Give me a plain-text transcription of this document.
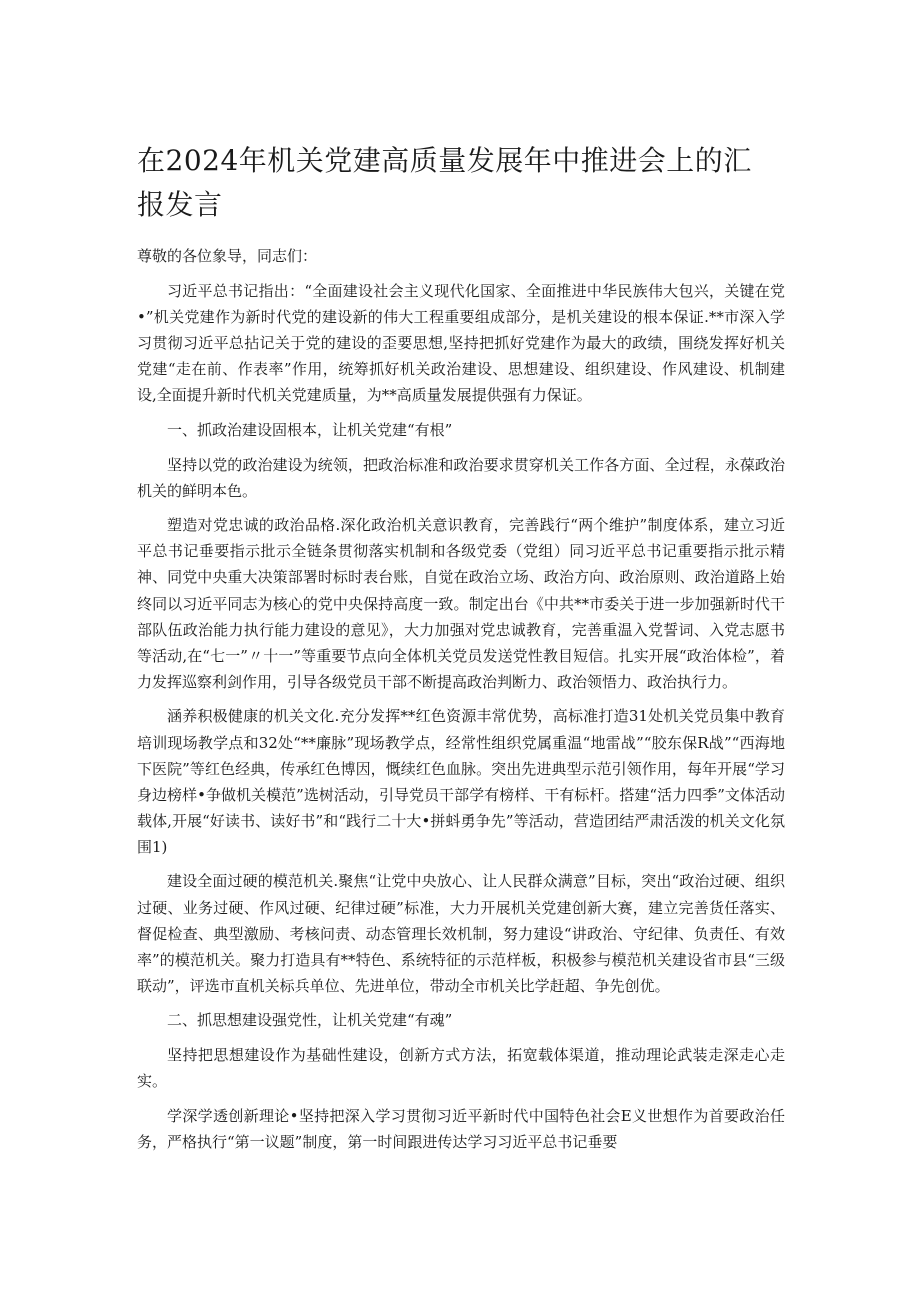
在2024年机关党建高质量发展年中推进会上的汇报发言

尊敬的各位象导，同志们：

习近平总书记指出：“全面建设社会主义现代化国家、全面推进中华民族伟大包兴，关键在党•”机关党建作为新时代党的建设新的伟大工程重要组成部分，是机关建设的根本保证.**市深入学习贯彻习近平总拈记关于党的建设的歪要思想,坚持把抓好党建作为最大的政绩，围绕发挥好机关党建“走在前、作表率”作用，统筹抓好机关政治建设、思想建设、组织建设、作风建设、机制建设,全面提升新时代机关党建质量，为**高质量发展提供强有力保证。

一、抓政治建设固根本，让机关党建“有根”

坚持以党的政治建设为统领，把政治标准和政治要求贯穿机关工作各方面、全过程，永葆政治机关的鲜明本色。

塑造对党忠诚的政治品格.深化政治机关意识教育，完善践行“两个维护”制度体系，建立习近平总书记垂要指示批示全链条贯彻落实机制和各级党委（党组）同习近平总书记重要指示批示精神、同党中央重大决策部署时标时表台账，自觉在政治立场、政治方向、政治原则、政治道路上始终同以习近平同志为核心的党中央保持高度一致。制定出台《中共**市委关于进一步加强新时代干部队伍政治能力执行能力建设的意见》，大力加强对党忠诚教育，完善重温入党誓词、入党志愿书等活动,在“七一”〃十一”等重要节点向全体机关党员发送党性教目短信。扎实开展“政治体检”，着力发挥巡察利剑作用，引导各级党员干部不断提高政治判断力、政治领悟力、政治执行力。

涵养积极健康的机关文化.充分发挥**红色资源丰常优势，高标准打造31处机关党员集中教育培训现场教学点和32处“**廉脉”现场教学点，经常性组织党属重温“地雷战”“胶东保R战”“西海地下医院”等红色经典，传承红色博因，慨续红色血脉。突出先进典型示范引领作用，每年开展“学习身边榜样•争做机关模范”选树活动，引导党员干部学有榜样、干有标杆。搭建“活力四季”文体活动载体,开展“好读书、读好书”和“践行二十大•拼蚪勇争先”等活动，营造团结严肃活泼的机关文化氛围1)

建设全面过硬的模范机关.聚焦“让党中央放心、让人民群众满意”目标，突出“政治过硬、组织过硬、业务过硬、作风过硬、纪律过硬”标准，大力开展机关党建创新大赛，建立完善货任落实、督促检查、典型激励、考核问责、动态管理长效机制，努力建设“讲政治、守纪律、负责任、有效率”的模范机关。聚力打造具有**特色、系统特征的示范样板，积极参与模范机关建设省市县“三级联动”，评选市直机关标兵单位、先进单位，带动全市机关比学赶超、争先创优。

二、抓思想建设强党性，让机关党建“有魂”

坚持把思想建设作为基础性建设，创新方式方法，拓宽载体渠道，推动理论武装走深走心走实。

学深学透创新理论•坚持把深入学习贯彻习近平新时代中国特色社会E义世想作为首要政治任务，严格执行“第一议题”制度，第一时间跟进传达学习习近平总书记垂要
